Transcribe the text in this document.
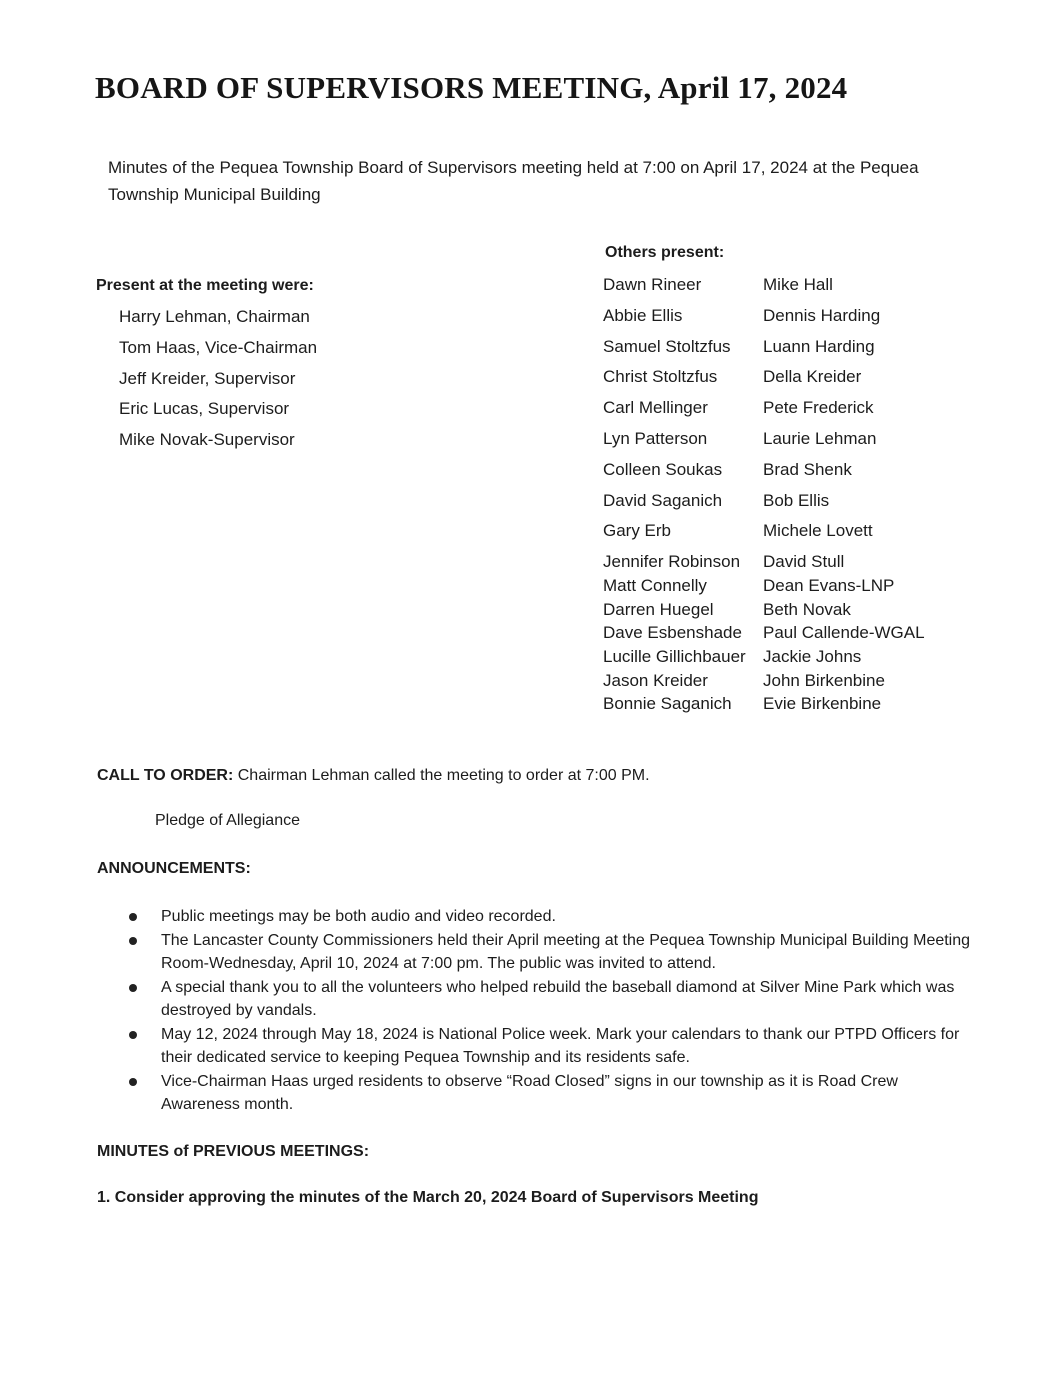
BOARD OF SUPERVISORS MEETING, April 17, 2024
Minutes of the Pequea Township Board of Supervisors meeting held at 7:00 on April 17, 2024 at the Pequea Township Municipal Building
Present at the meeting were:
Harry Lehman, Chairman
Tom Haas, Vice-Chairman
Jeff Kreider, Supervisor
Eric Lucas, Supervisor
Mike Novak-Supervisor
Others present:
Dawn Rineer	Mike Hall
Abbie Ellis	Dennis Harding
Samuel Stoltzfus	Luann Harding
Christ Stoltzfus	Della Kreider
Carl Mellinger	Pete Frederick
Lyn Patterson	Laurie Lehman
Colleen Soukas	Brad Shenk
David Saganich	Bob Ellis
Gary Erb	Michele Lovett
Jennifer Robinson	David Stull
Matt Connelly	Dean Evans-LNP
Darren Huegel	Beth Novak
Dave Esbenshade	Paul Callende-WGAL
Lucille Gillichbauer	Jackie Johns
Jason Kreider	John Birkenbine
Bonnie Saganich	Evie Birkenbine
CALL TO ORDER: Chairman Lehman called the meeting to order at 7:00 PM.
Pledge of Allegiance
ANNOUNCEMENTS:
Public meetings may be both audio and video recorded.
The Lancaster County Commissioners held their April meeting at the Pequea Township Municipal Building Meeting Room-Wednesday, April 10, 2024 at 7:00 pm. The public was invited to attend.
A special thank you to all the volunteers who helped rebuild the baseball diamond at Silver Mine Park which was destroyed by vandals.
May 12, 2024 through May 18, 2024 is National Police week. Mark your calendars to thank our PTPD Officers for their dedicated service to keeping Pequea Township and its residents safe.
Vice-Chairman Haas urged residents to observe “Road Closed” signs in our township as it is Road Crew Awareness month.
MINUTES of PREVIOUS MEETINGS:
1. Consider approving the minutes of the March 20, 2024 Board of Supervisors Meeting
